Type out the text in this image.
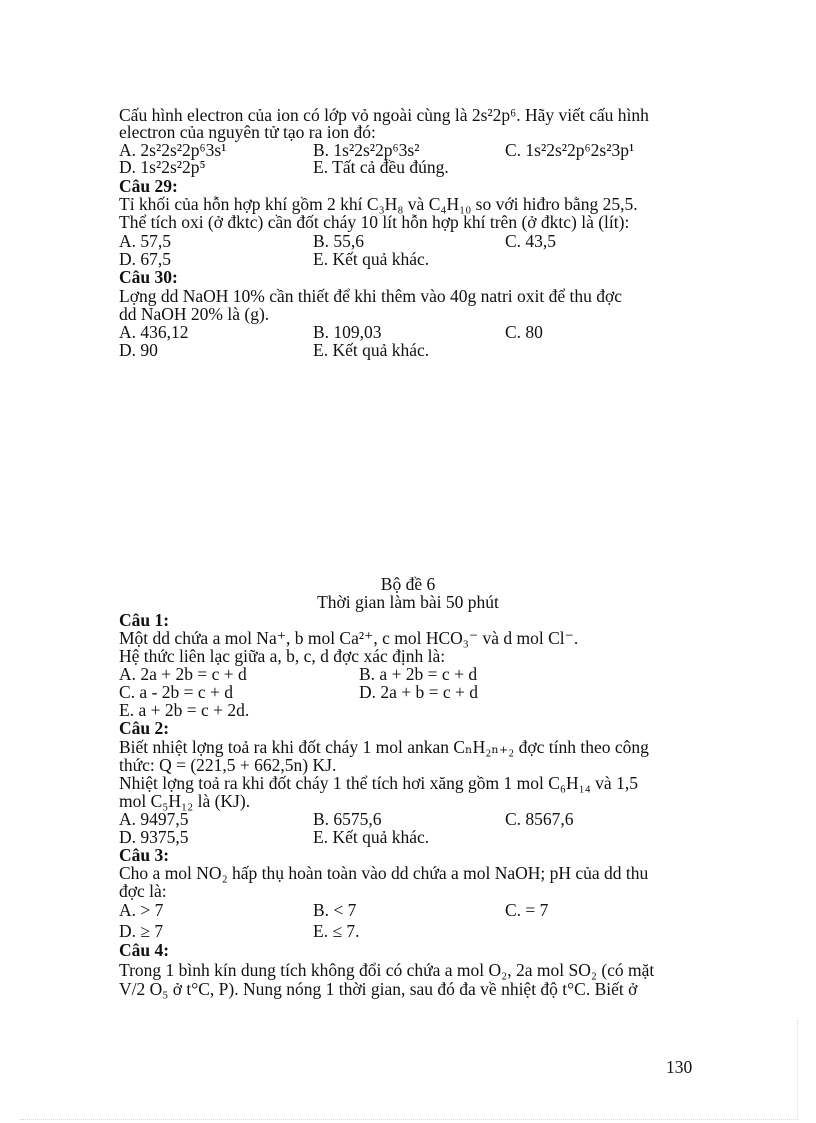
Cấu hình electron của ion có lớp vỏ ngoài cùng là 2s²2p⁶. Hãy viết cấu hình
electron của nguyên tử tạo ra ion đó:
A. 2s²2s²2p⁶3s¹	B. 1s²2s²2p⁶3s²	C. 1s²2s²2p⁶2s²3p¹
D. 1s²2s²2p⁵	E. Tất cả đều đúng.
Câu 29:
Tỉ khối của hỗn hợp khí gồm 2 khí C₃H₈ và C₄H₁₀ so với hiđro bằng 25,5.
Thể tích oxi (ở đktc) cần đốt cháy 10 lít hỗn hợp khí trên (ở đktc) là (lít):
A. 57,5	B. 55,6	C. 43,5
D. 67,5	E. Kết quả khác.
Câu 30:
Lợng dd NaOH 10% cần thiết để khi thêm vào 40g natri oxit để thu đợc
dd NaOH 20% là (g).
A. 436,12	B. 109,03	C. 80
D. 90	E. Kết quả khác.
Bộ đề 6
Thời gian làm bài 50 phút
Câu 1:
Một dd chứa a mol Na⁺, b mol Ca²⁺, c mol HCO₃⁻ và d mol Cl⁻.
Hệ thức liên lạc giữa a, b, c, d đợc xác định là:
A. 2a + 2b = c + d	B. a + 2b = c + d
C. a - 2b = c + d	D. 2a + b = c + d
E. a + 2b = c + 2d.
Câu 2:
Biết nhiệt lợng toả ra khi đốt cháy 1 mol ankan CₙH₂ₙ₊₂ đợc tính theo công
thức: Q = (221,5 + 662,5n) KJ.
Nhiệt lợng toả ra khi đốt cháy 1 thể tích hơi xăng gồm 1 mol C₆H₁₄ và 1,5
mol C₅H₁₂ là (KJ).
A. 9497,5	B. 6575,6	C. 8567,6
D. 9375,5	E. Kết quả khác.
Câu 3:
Cho a mol NO₂ hấp thụ hoàn toàn vào dd chứa a mol NaOH; pH của dd thu
đợc là:
A. > 7	B. < 7	C. = 7
D. ≥ 7	E. ≤ 7.
Câu 4:
Trong 1 bình kín dung tích không đổi có chứa a mol O₂, 2a mol SO₂ (có mặt
V/2 O₅ ở t°C, P). Nung nóng 1 thời gian, sau đó đa về nhiệt độ t°C. Biết ở
130
